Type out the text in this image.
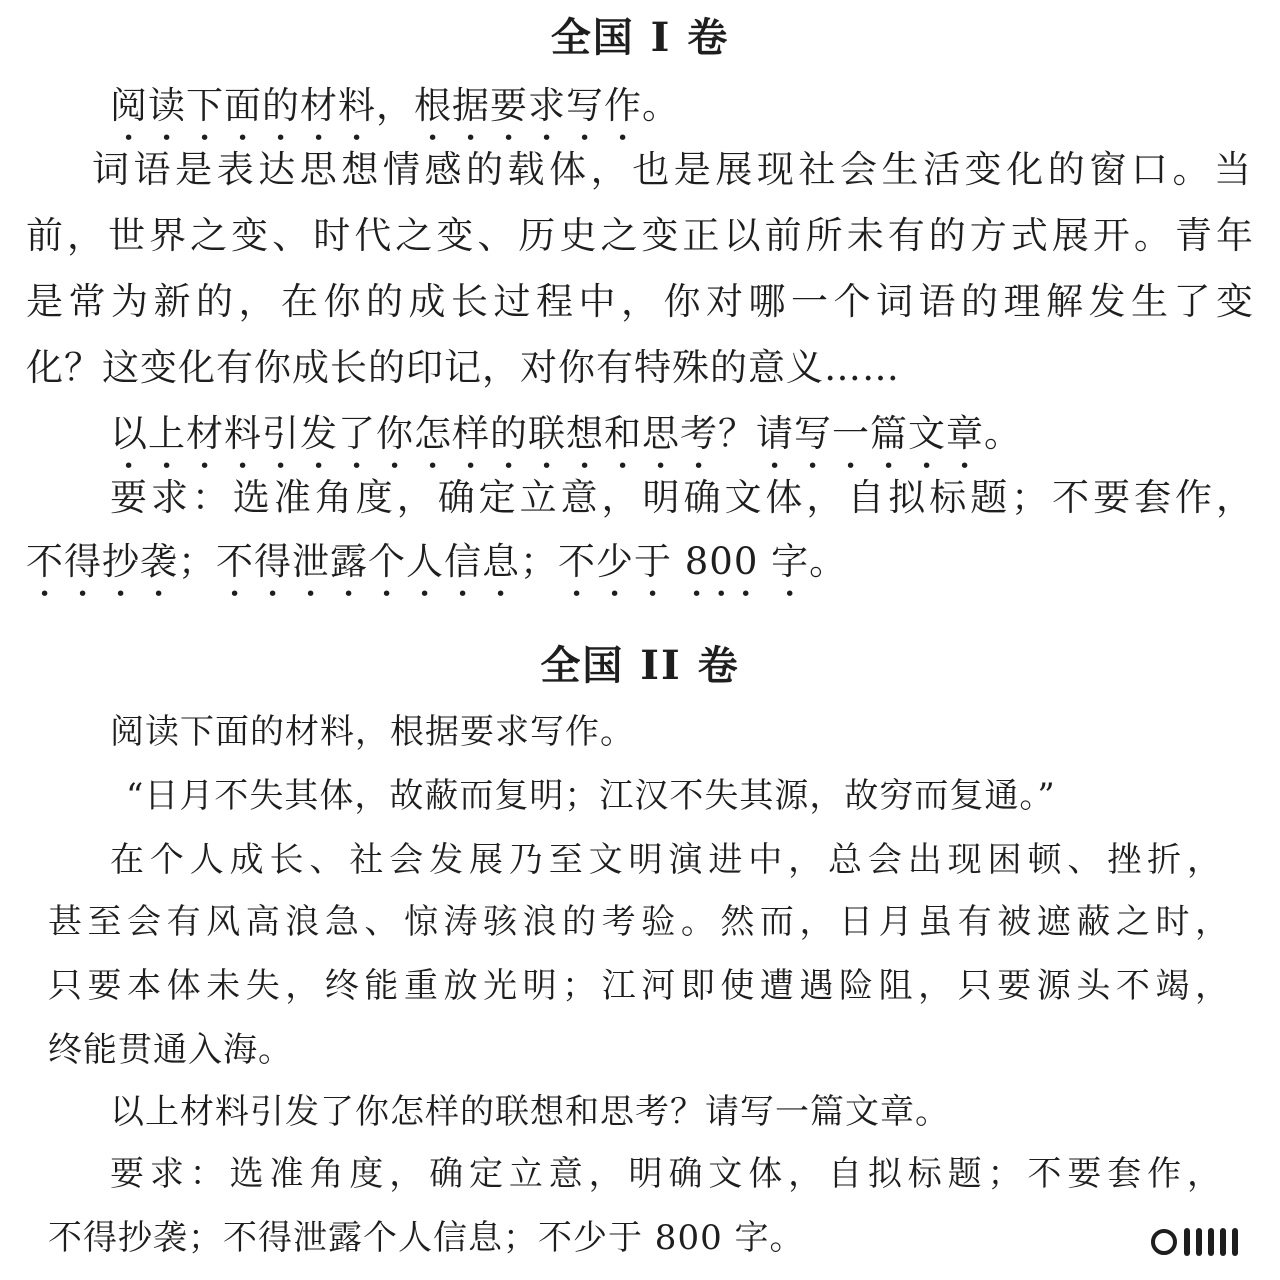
全国 I 卷
阅读下面的材料，根据要求写作。
词语是表达思想情感的载体，也是展现社会生活变化的窗口。当
前，世界之变、时代之变、历史之变正以前所未有的方式展开。青年
是常为新的，在你的成长过程中，你对哪一个词语的理解发生了变
化？这变化有你成长的印记，对你有特殊的意义……
以上材料引发了你怎样的联想和思考？请写一篇文章。
要求：选准角度，确定立意，明确文体，自拟标题；不要套作，
不得抄袭；不得泄露个人信息；不少于 800 字。
全国 II 卷
阅读下面的材料，根据要求写作。
“日月不失其体，故蔽而复明；江汉不失其源，故穷而复通。”
在个人成长、社会发展乃至文明演进中，总会出现困顿、挫折，
甚至会有风高浪急、惊涛骇浪的考验。然而，日月虽有被遮蔽之时，
只要本体未失，终能重放光明；江河即使遭遇险阻，只要源头不竭，
终能贯通入海。
以上材料引发了你怎样的联想和思考？请写一篇文章。
要求：选准角度，确定立意，明确文体，自拟标题；不要套作，
不得抄袭；不得泄露个人信息；不少于 800 字。
